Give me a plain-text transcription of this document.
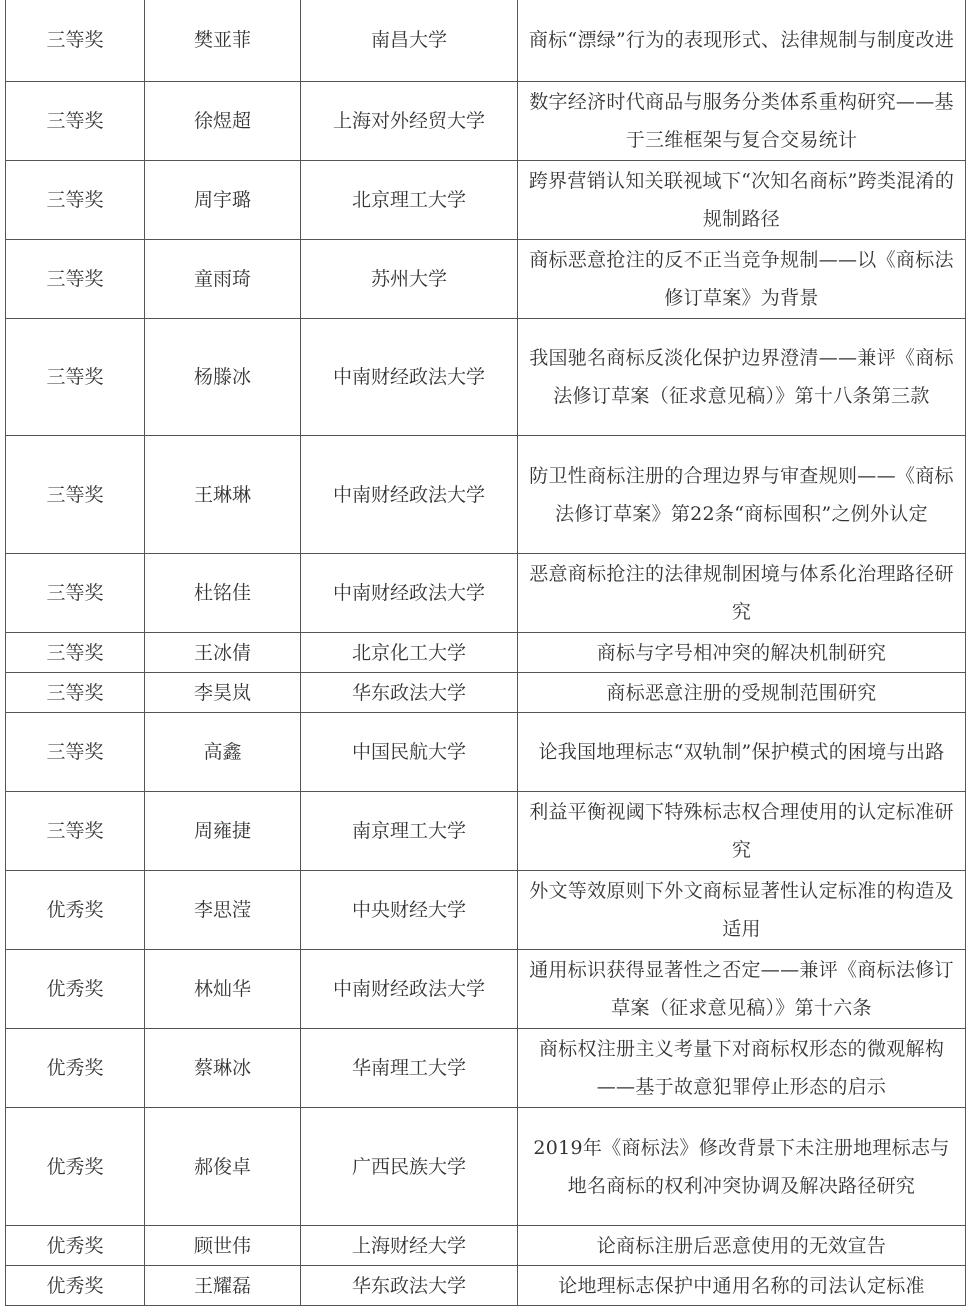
三等奖	樊亚菲	南昌大学	商标“漂绿”行为的表现形式、法律规制与制度改进
三等奖	徐煜超	上海对外经贸大学	数字经济时代商品与服务分类体系重构研究——基于三维框架与复合交易统计
三等奖	周宇璐	北京理工大学	跨界营销认知关联视域下“次知名商标”跨类混淆的规制路径
三等奖	童雨琦	苏州大学	商标恶意抢注的反不正当竞争规制——以《商标法修订草案》为背景
三等奖	杨滕冰	中南财经政法大学	我国驰名商标反淡化保护边界澄清——兼评《商标法修订草案（征求意见稿）》第十八条第三款
三等奖	王琳琳	中南财经政法大学	防卫性商标注册的合理边界与审查规则——《商标法修订草案》第22条“商标囤积”之例外认定
三等奖	杜铭佳	中南财经政法大学	恶意商标抢注的法律规制困境与体系化治理路径研究
三等奖	王冰倩	北京化工大学	商标与字号相冲突的解决机制研究
三等奖	李昊岚	华东政法大学	商标恶意注册的受规制范围研究
三等奖	高鑫	中国民航大学	论我国地理标志“双轨制”保护模式的困境与出路
三等奖	周雍捷	南京理工大学	利益平衡视阈下特殊标志权合理使用的认定标准研究
优秀奖	李思滢	中央财经大学	外文等效原则下外文商标显著性认定标准的构造及适用
优秀奖	林灿华	中南财经政法大学	通用标识获得显著性之否定——兼评《商标法修订草案（征求意见稿）》第十六条
优秀奖	蔡琳冰	华南理工大学	商标权注册主义考量下对商标权形态的微观解构——基于故意犯罪停止形态的启示
优秀奖	郝俊卓	广西民族大学	2019年《商标法》修改背景下未注册地理标志与地名商标的权利冲突协调及解决路径研究
优秀奖	顾世伟	上海财经大学	论商标注册后恶意使用的无效宣告
优秀奖	王耀磊	华东政法大学	论地理标志保护中通用名称的司法认定标准
